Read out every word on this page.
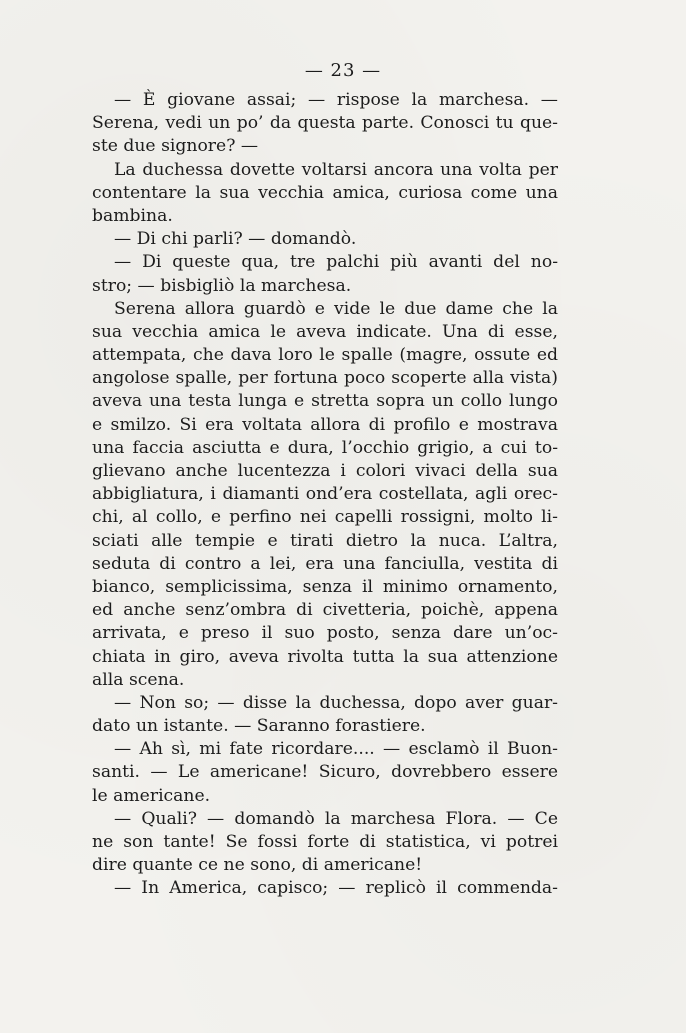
— 23 —
— È giovane assai; — rispose la marchesa. —
Serena, vedi un po’ da questa parte. Conosci tu que-
ste due signore? —
La duchessa dovette voltarsi ancora una volta per
contentare la sua vecchia amica, curiosa come una
bambina.
— Di chi parli? — domandò.
— Di queste qua, tre palchi più avanti del no-
stro; — bisbigliò la marchesa.
Serena allora guardò e vide le due dame che la
sua vecchia amica le aveva indicate. Una di esse,
attempata, che dava loro le spalle (magre, ossute ed
angolose spalle, per fortuna poco scoperte alla vista)
aveva una testa lunga e stretta sopra un collo lungo
e smilzo. Si era voltata allora di profilo e mostrava
una faccia asciutta e dura, l’occhio grigio, a cui to-
glievano anche lucentezza i colori vivaci della sua
abbigliatura, i diamanti ond’era costellata, agli orec-
chi, al collo, e perfino nei capelli rossigni, molto li-
sciati alle tempie e tirati dietro la nuca. L’altra,
seduta di contro a lei, era una fanciulla, vestita di
bianco, semplicissima, senza il minimo ornamento,
ed anche senz’ombra di civetteria, poichè, appena
arrivata, e preso il suo posto, senza dare un’oc-
chiata in giro, aveva rivolta tutta la sua attenzione
alla scena.
— Non so; — disse la duchessa, dopo aver guar-
dato un istante. — Saranno forastiere.
— Ah sì, mi fate ricordare.... — esclamò il Buon-
santi. — Le americane! Sicuro, dovrebbero essere
le americane.
— Quali? — domandò la marchesa Flora. — Ce
ne son tante! Se fossi forte di statistica, vi potrei
dire quante ce ne sono, di americane!
— In America, capisco; — replicò il commenda-
